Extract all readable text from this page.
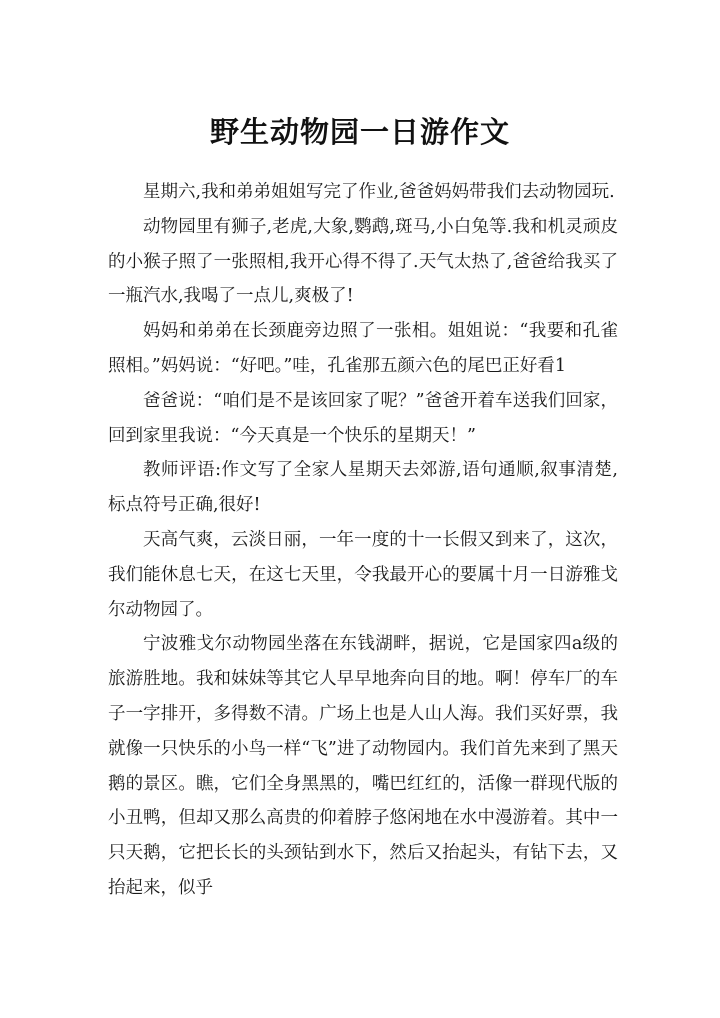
野生动物园一日游作文

星期六,我和弟弟姐姐写完了作业,爸爸妈妈带我们去动物园玩.

动物园里有狮子,老虎,大象,鹦鹉,斑马,小白兔等.我和机灵顽皮的小猴子照了一张照相,我开心得不得了.天气太热了,爸爸给我买了一瓶汽水,我喝了一点儿,爽极了!

妈妈和弟弟在长颈鹿旁边照了一张相。姐姐说：“我要和孔雀照相。”妈妈说：“好吧。”哇，孔雀那五颜六色的尾巴正好看1

爸爸说：“咱们是不是该回家了呢？”爸爸开着车送我们回家，回到家里我说：“今天真是一个快乐的星期天！”

教师评语:作文写了全家人星期天去郊游,语句通顺,叙事清楚,标点符号正确,很好!

天高气爽，云淡日丽，一年一度的十一长假又到来了，这次，我们能休息七天，在这七天里，令我最开心的要属十月一日游雅戈尔动物园了。

宁波雅戈尔动物园坐落在东钱湖畔，据说，它是国家四a级的旅游胜地。我和妹妹等其它人早早地奔向目的地。啊！停车厂的车子一字排开，多得数不清。广场上也是人山人海。我们买好票，我就像一只快乐的小鸟一样“飞”进了动物园内。我们首先来到了黑天鹅的景区。瞧，它们全身黑黑的，嘴巴红红的，活像一群现代版的小丑鸭，但却又那么高贵的仰着脖子悠闲地在水中漫游着。其中一只天鹅，它把长长的头颈钻到水下，然后又抬起头，有钻下去，又抬起来，似乎
